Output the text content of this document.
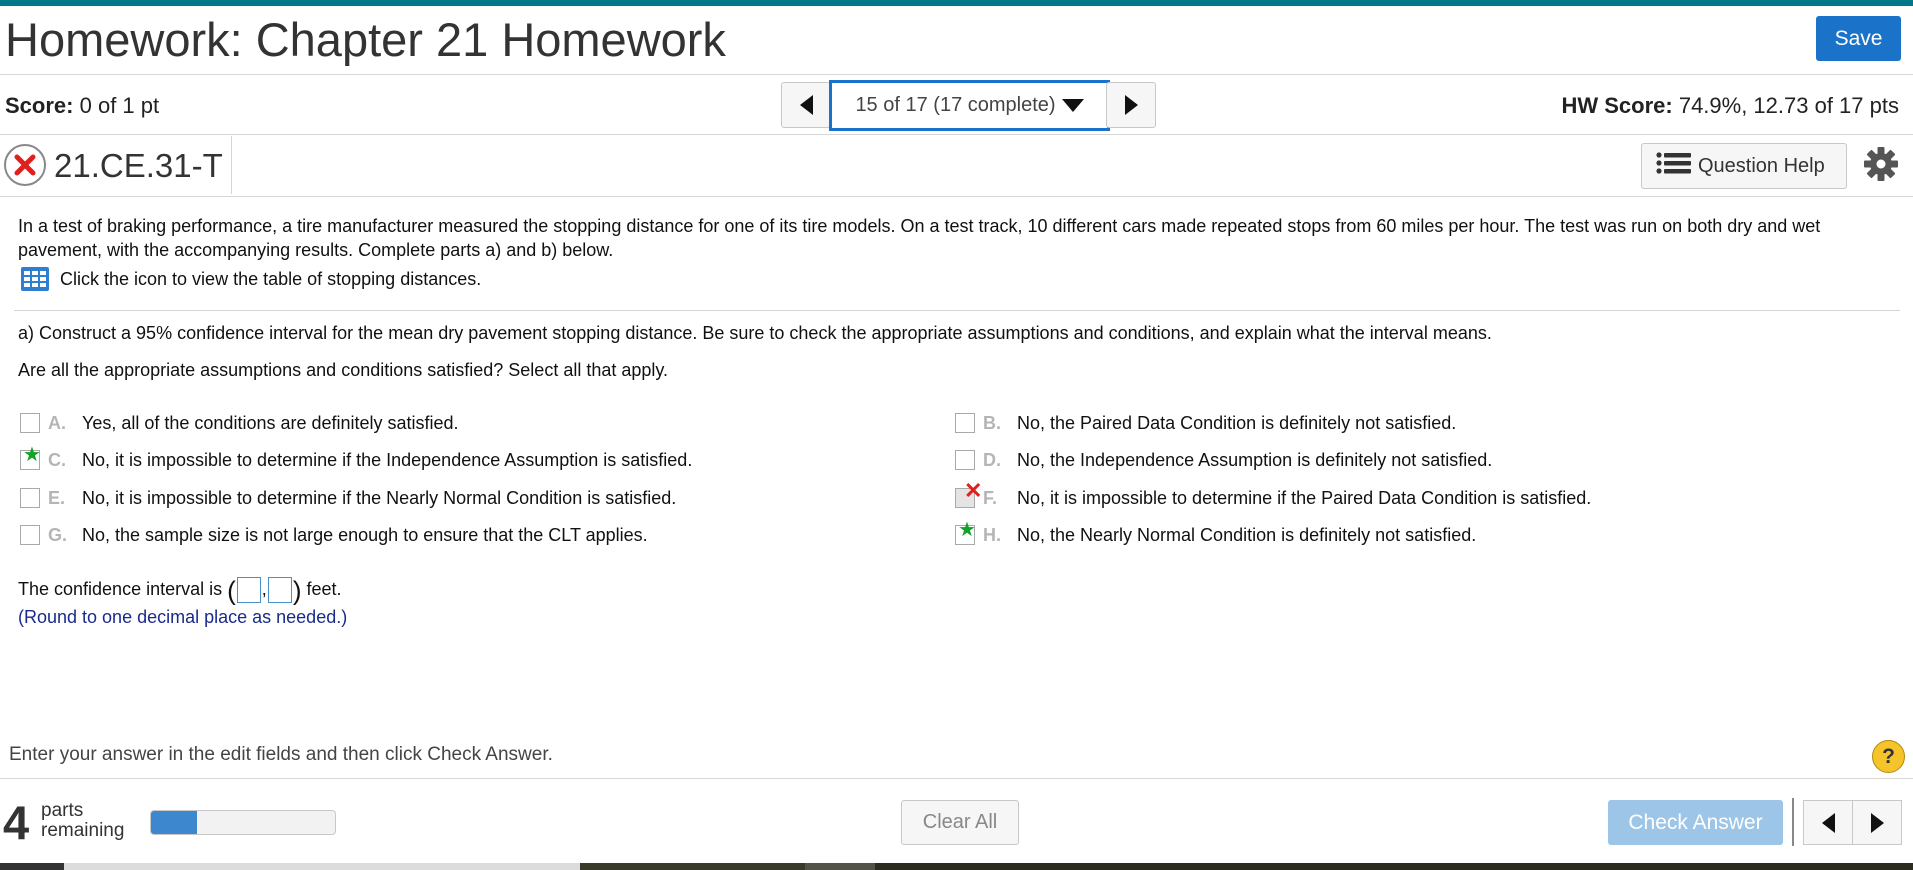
Homework: Chapter 21 Homework	Save
Score: 0 of 1 pt	15 of 17 (17 complete)	HW Score: 74.9%, 12.73 of 17 pts
21.CE.31-T	Question Help
In a test of braking performance, a tire manufacturer measured the stopping distance for one of its tire models. On a test track, 10 different cars made repeated stops from 60 miles per hour. The test was run on both dry and wet pavement, with the accompanying results. Complete parts a) and b) below.
Click the icon to view the table of stopping distances.
a) Construct a 95% confidence interval for the mean dry pavement stopping distance. Be sure to check the appropriate assumptions and conditions, and explain what the interval means.
Are all the appropriate assumptions and conditions satisfied? Select all that apply.
A. Yes, all of the conditions are definitely satisfied.
★ C. No, it is impossible to determine if the Independence Assumption is satisfied.
E. No, it is impossible to determine if the Nearly Normal Condition is satisfied.
G. No, the sample size is not large enough to ensure that the CLT applies.
B. No, the Paired Data Condition is definitely not satisfied.
D. No, the Independence Assumption is definitely not satisfied.
✕ F.	No, it is impossible to determine if the Paired Data Condition is satisfied.
★ H. No, the Nearly Normal Condition is definitely not satisfied.
The confidence interval is ( , ) feet.
(Round to one decimal place as needed.)
Enter your answer in the edit fields and then click Check Answer.	?
4 parts
remaining	Clear All	Check Answer
